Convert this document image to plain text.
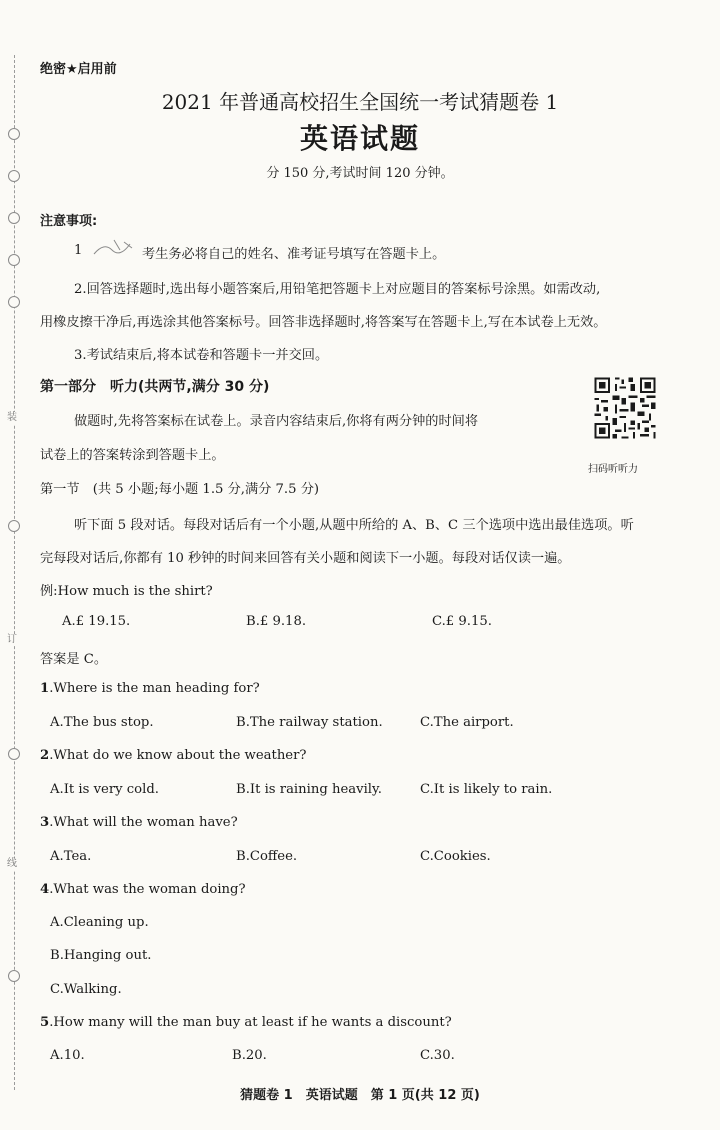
装
订
线
绝密★启用前
2021 年普通高校招生全国统一考试猜题卷 1
英语试题
分 150 分,考试时间 120 分钟。
注意事项:
1	考生务必将自己的姓名、准考证号填写在答题卡上。
2.回答选择题时,选出每小题答案后,用铅笔把答题卡上对应题目的答案标号涂黑。如需改动,
用橡皮擦干净后,再选涂其他答案标号。回答非选择题时,将答案写在答题卡上,写在本试卷上无效。
3.考试结束后,将本试卷和答题卡一并交回。
第一部分　听力(共两节,满分 30 分)
做题时,先将答案标在试卷上。录音内容结束后,你将有两分钟的时间将
试卷上的答案转涂到答题卡上。
扫码听听力
第一节　(共 5 小题;每小题 1.5 分,满分 7.5 分)
听下面 5 段对话。每段对话后有一个小题,从题中所给的 A、B、C 三个选项中选出最佳选项。听
完每段对话后,你都有 10 秒钟的时间来回答有关小题和阅读下一小题。每段对话仅读一遍。
例:How much is the shirt?
A.£ 19.15.	B.£ 9.18.	C.£ 9.15.
答案是 C。
1.Where is the man heading for?
A.The bus stop.	B.The railway station.	C.The airport.
2.What do we know about the weather?
A.It is very cold.	B.It is raining heavily.	C.It is likely to rain.
3.What will the woman have?
A.Tea.	B.Coffee.	C.Cookies.
4.What was the woman doing?
A.Cleaning up.
B.Hanging out.
C.Walking.
5.How many will the man buy at least if he wants a discount?
A.10.	B.20.	C.30.
猜题卷 1　英语试题　第 1 页(共 12 页)
